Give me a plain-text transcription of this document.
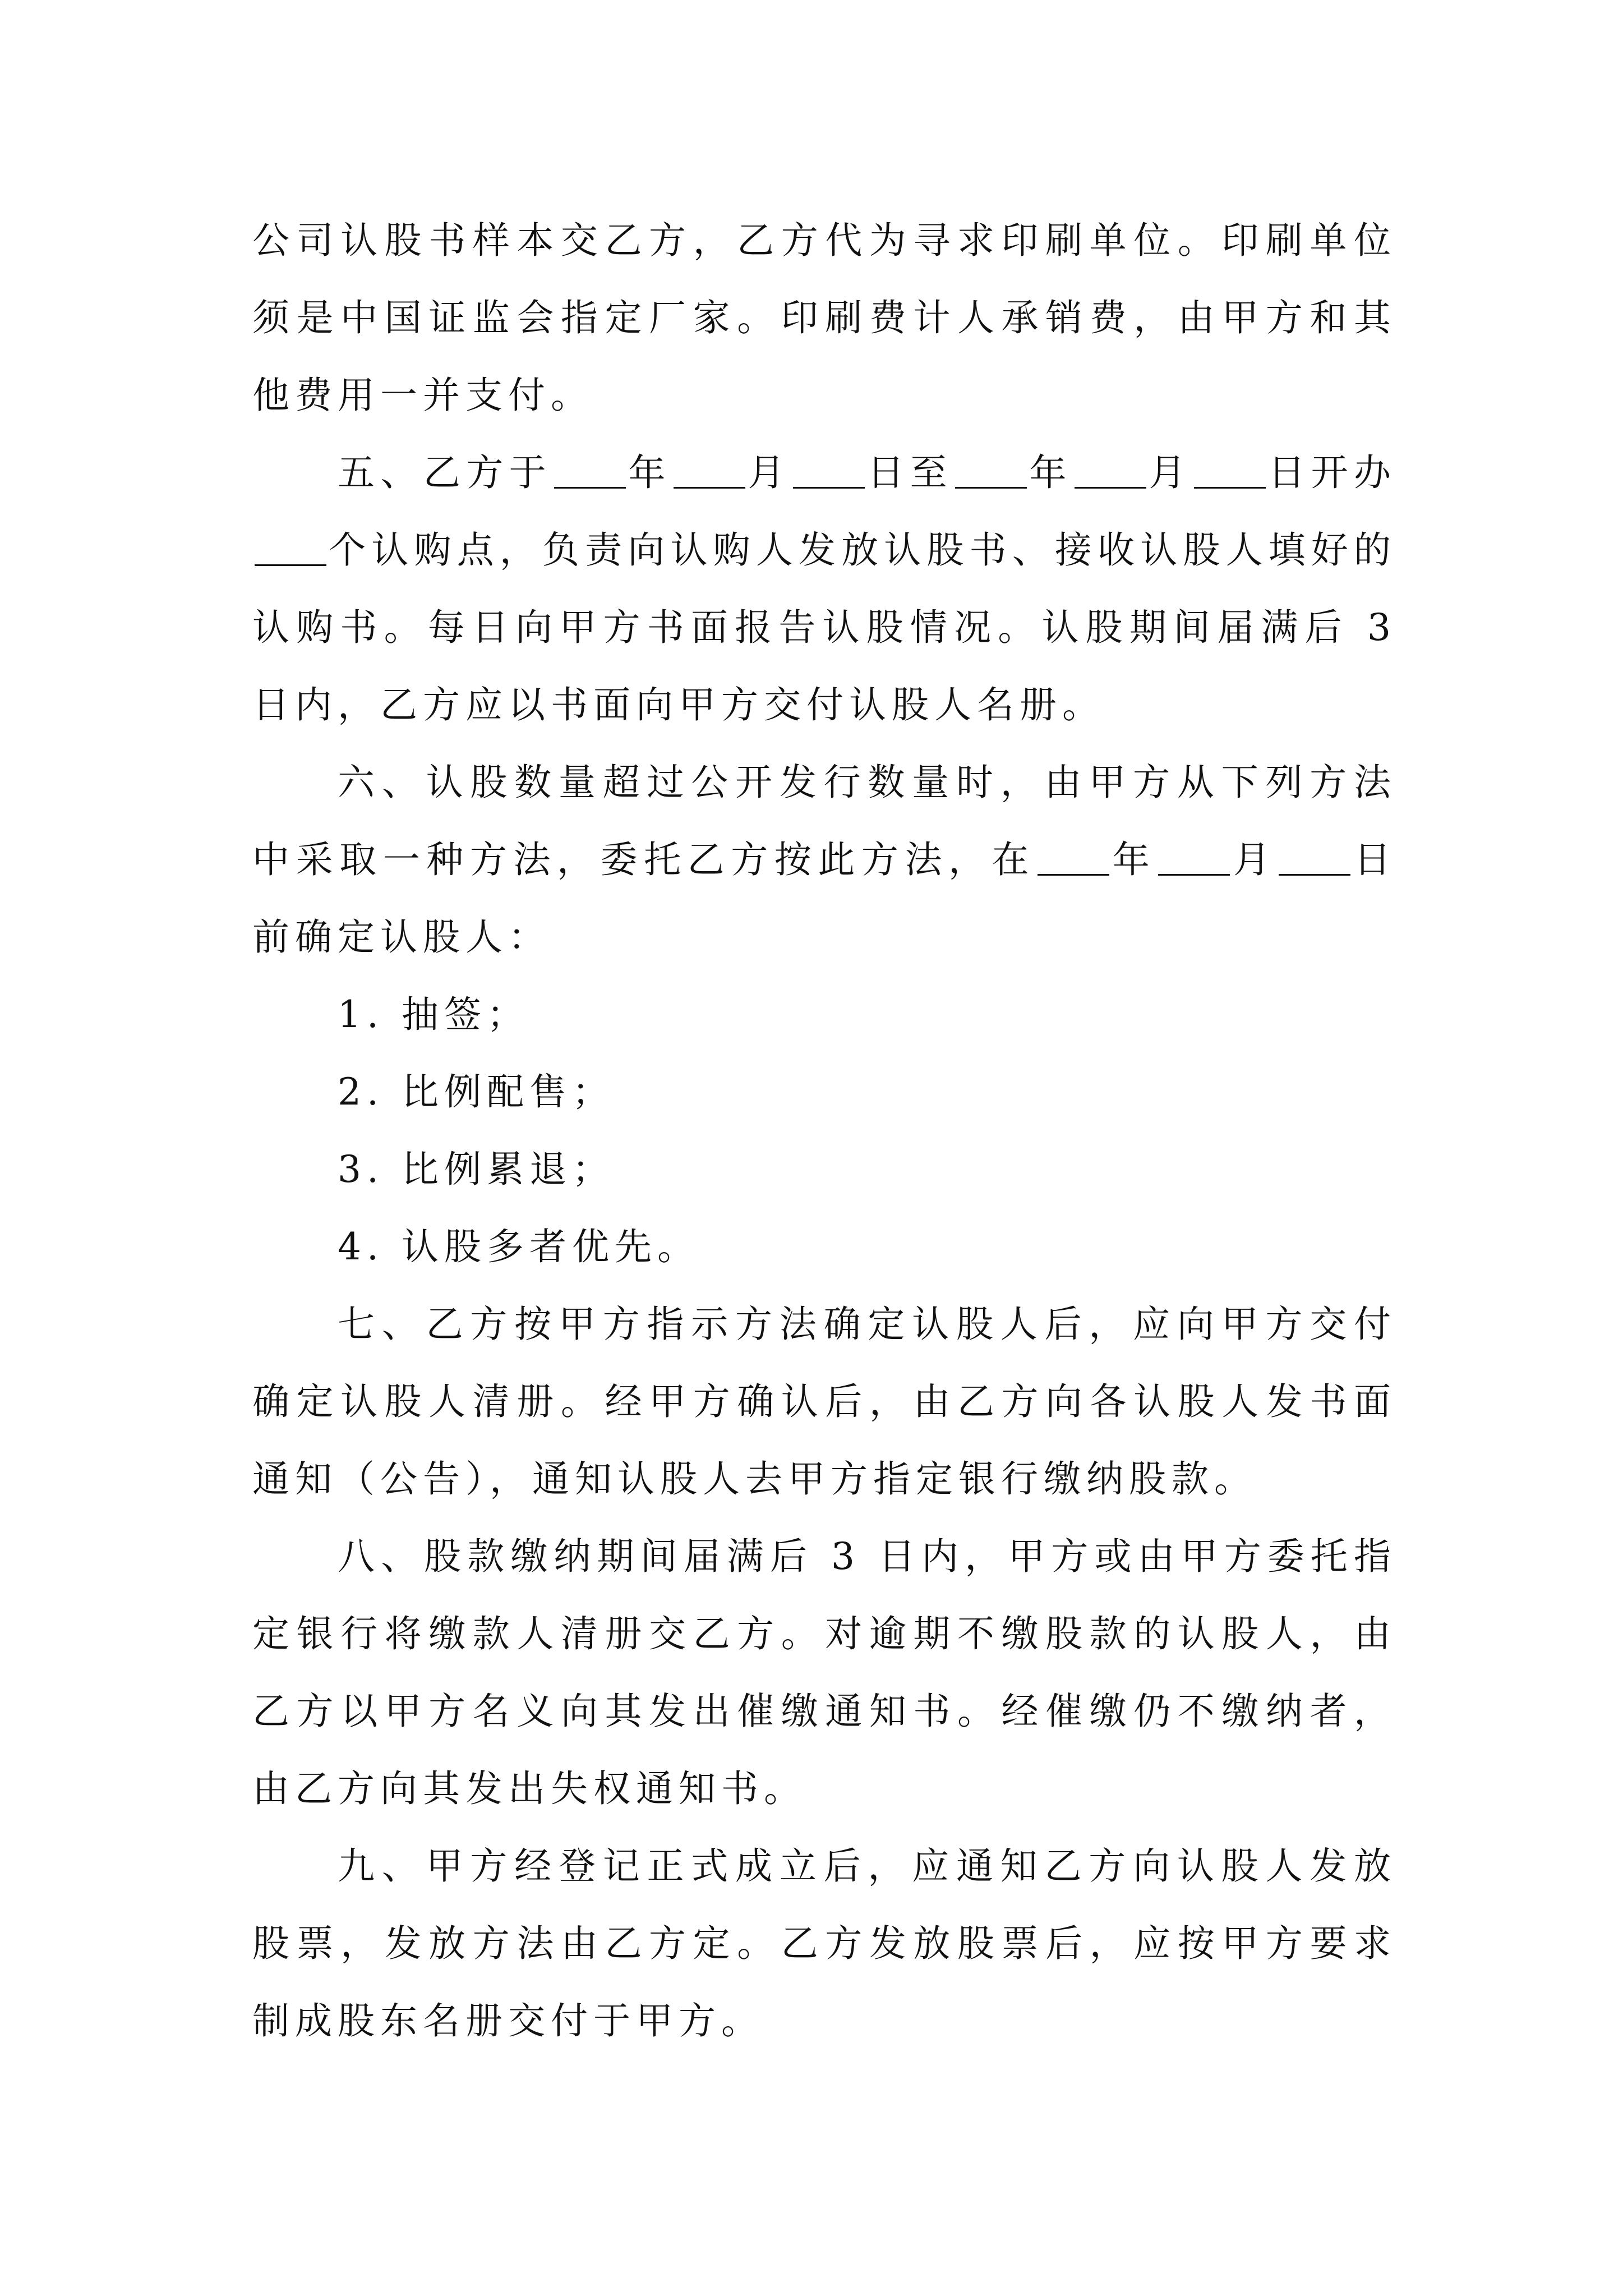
公司认股书样本交乙方，乙方代为寻求印刷单位。印刷单位须是中国证监会指定厂家。印刷费计人承销费，由甲方和其他费用一并支付。

五、乙方于 年 月 日至 年 月 日开办个认购点，负责向认购人发放认股书、接收认股人填好的认购书。每日向甲方书面报告认股情况。认股期间届满后 3 日内，乙方应以书面向甲方交付认股人名册。

六、认股数量超过公开发行数量时，由甲方从下列方法中采取一种方法，委托乙方按此方法，在 年 月 日前确定认股人：

1. 抽签；

2. 比例配售；

3. 比例累退；

4. 认股多者优先。

七、乙方按甲方指示方法确定认股人后，应向甲方交付确定认股人清册。经甲方确认后，由乙方向各认股人发书面通知（公告），通知认股人去甲方指定银行缴纳股款。

八、股款缴纳期间届满后 3 日内，甲方或由甲方委托指定银行将缴款人清册交乙方。对逾期不缴股款的认股人，由乙方以甲方名义向其发出催缴通知书。经催缴仍不缴纳者，由乙方向其发出失权通知书。

九、甲方经登记正式成立后，应通知乙方向认股人发放股票，发放方法由乙方定。乙方发放股票后，应按甲方要求制成股东名册交付于甲方。
